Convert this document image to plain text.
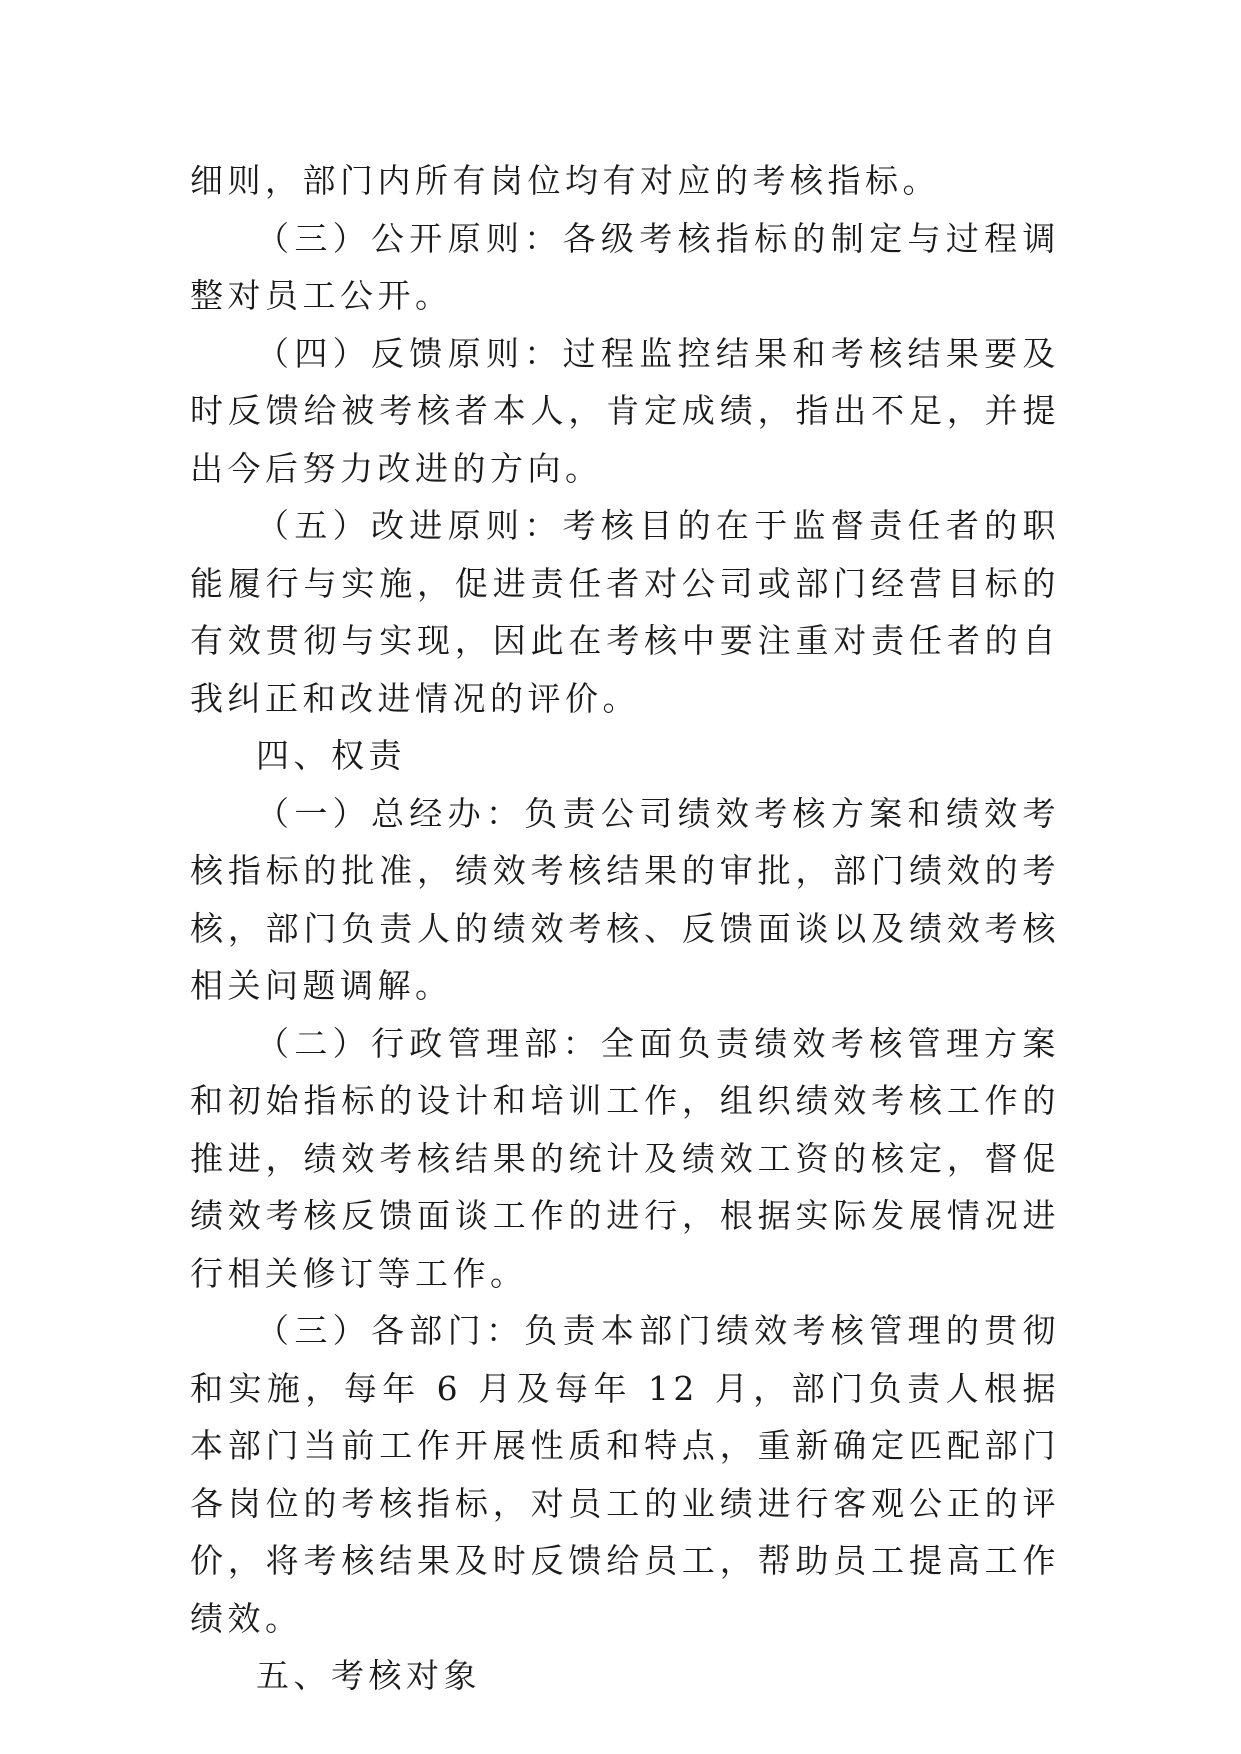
细则，部门内所有岗位均有对应的考核指标。

（三）公开原则：各级考核指标的制定与过程调整对员工公开。

（四）反馈原则：过程监控结果和考核结果要及时反馈给被考核者本人，肯定成绩，指出不足，并提出今后努力改进的方向。

（五）改进原则：考核目的在于监督责任者的职能履行与实施，促进责任者对公司或部门经营目标的有效贯彻与实现，因此在考核中要注重对责任者的自我纠正和改进情况的评价。

四、权责

（一）总经办：负责公司绩效考核方案和绩效考核指标的批准，绩效考核结果的审批，部门绩效的考核，部门负责人的绩效考核、反馈面谈以及绩效考核相关问题调解。

（二）行政管理部：全面负责绩效考核管理方案和初始指标的设计和培训工作，组织绩效考核工作的推进，绩效考核结果的统计及绩效工资的核定，督促绩效考核反馈面谈工作的进行，根据实际发展情况进行相关修订等工作。

（三）各部门：负责本部门绩效考核管理的贯彻和实施，每年 6 月及每年 12 月，部门负责人根据本部门当前工作开展性质和特点，重新确定匹配部门各岗位的考核指标，对员工的业绩进行客观公正的评价，将考核结果及时反馈给员工，帮助员工提高工作绩效。

五、考核对象
